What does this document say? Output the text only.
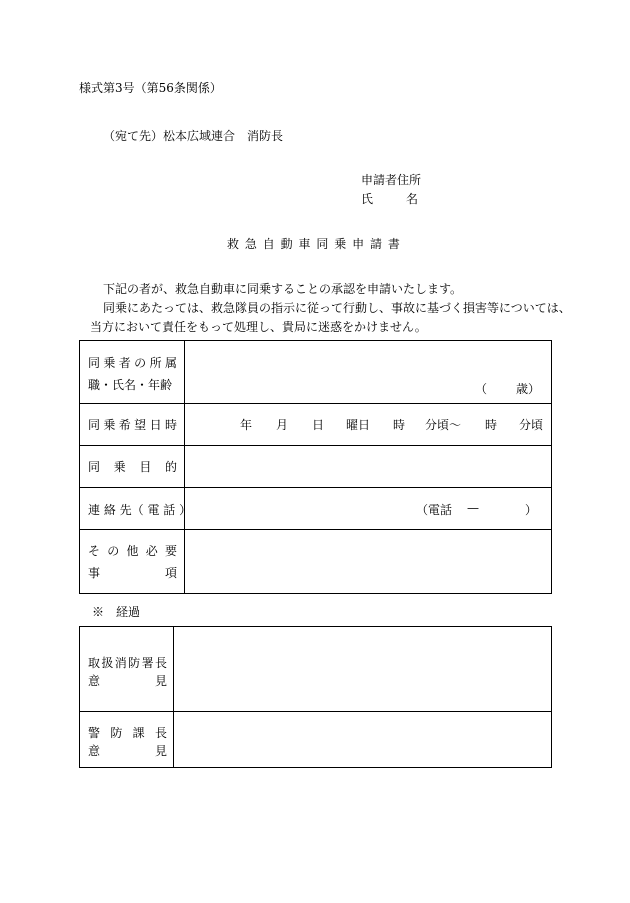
様式第3号（第56条関係）
（宛て先）松本広域連合　消防長
申請者住所
氏	名
救 急 自 動 車 同 乗 申 請 書
下記の者が、救急自動車に同乗することの承認を申請いたします。
同乗にあたっては、救急隊員の指示に従って行動し、事故に基づく損害等については、
当方において責任をもって処理し、貴局に迷惑をかけません。
同 乗 者 の 所 属
職・氏名・年齢	（ 歳）
同 乗 希 望 日 時	年 月 日 曜日 時 分頃～ 時 分頃
同 乗 目 的
連 絡 先（ 電 話 ）	（電話 —	）
そ の 他 必 要
事	項
※　経過
取 扱 消 防 署 長
意	見
警 防 課 長
意	見
